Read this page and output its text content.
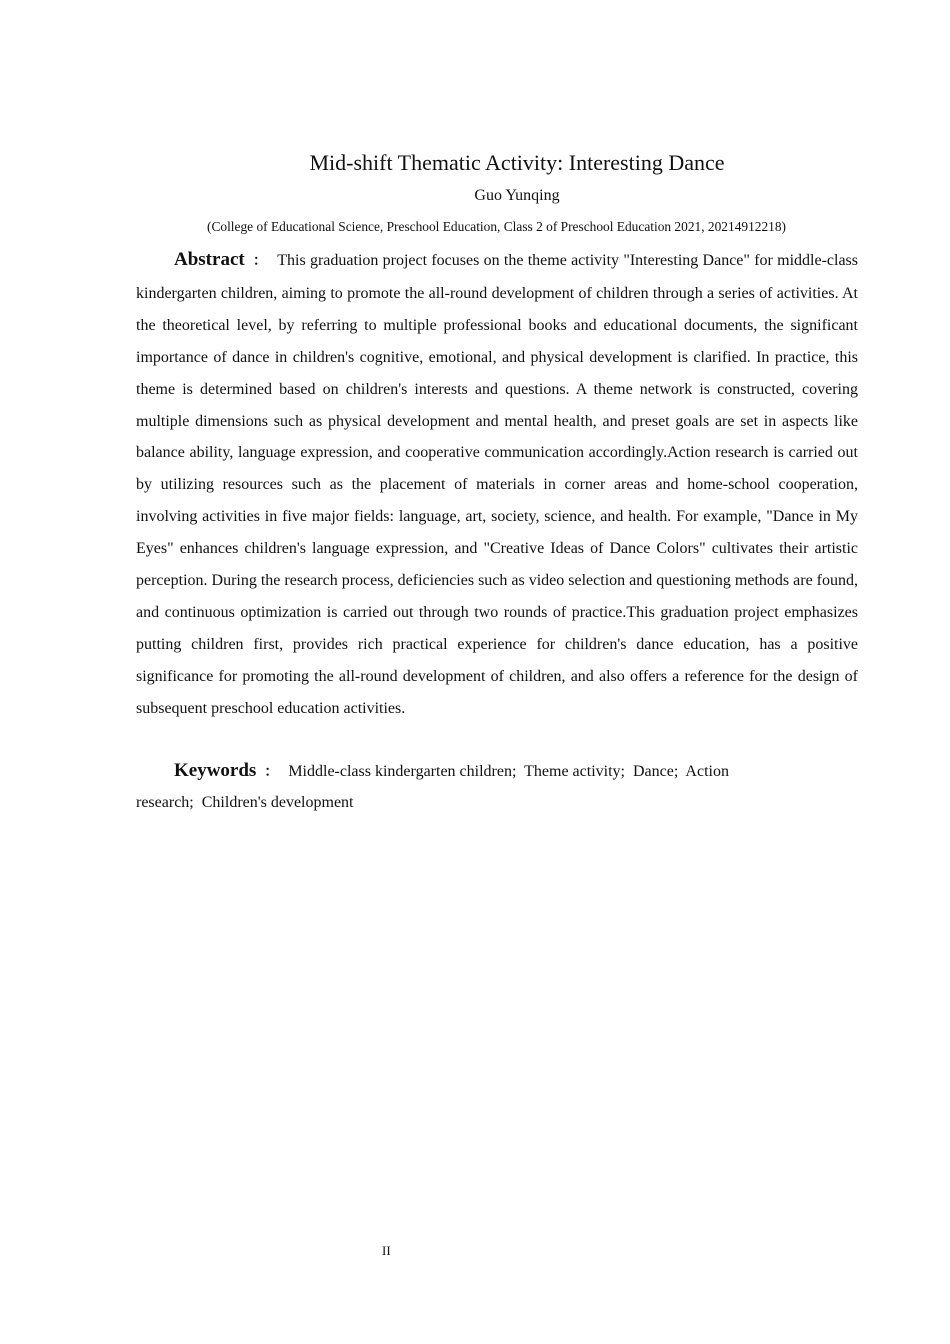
Mid-shift Thematic Activity: Interesting Dance
Guo Yunqing
(College of Educational Science, Preschool Education, Class 2 of Preschool Education 2021, 20214912218)

Abstract ： This graduation project focuses on the theme activity "Interesting Dance" for middle-class kindergarten children, aiming to promote the all-round development of children through a series of activities. At the theoretical level, by referring to multiple professional books and educational documents, the significant importance of dance in children's cognitive, emotional, and physical development is clarified. In practice, this theme is determined based on children's interests and questions. A theme network is constructed, covering multiple dimensions such as physical development and mental health, and preset goals are set in aspects like balance ability, language expression, and cooperative communication accordingly.Action research is carried out by utilizing resources such as the placement of materials in corner areas and home-school cooperation, involving activities in five major fields: language, art, society, science, and health. For example, "Dance in My Eyes" enhances children's language expression, and "Creative Ideas of Dance Colors" cultivates their artistic perception. During the research process, deficiencies such as video selection and questioning methods are found, and continuous optimization is carried out through two rounds of practice.This graduation project emphasizes putting children first, provides rich practical experience for children's dance education, has a positive significance for promoting the all-round development of children, and also offers a reference for the design of subsequent preschool education activities.

Keywords ： Middle-class kindergarten children;  Theme activity;  Dance;  Action research;  Children's development

II
